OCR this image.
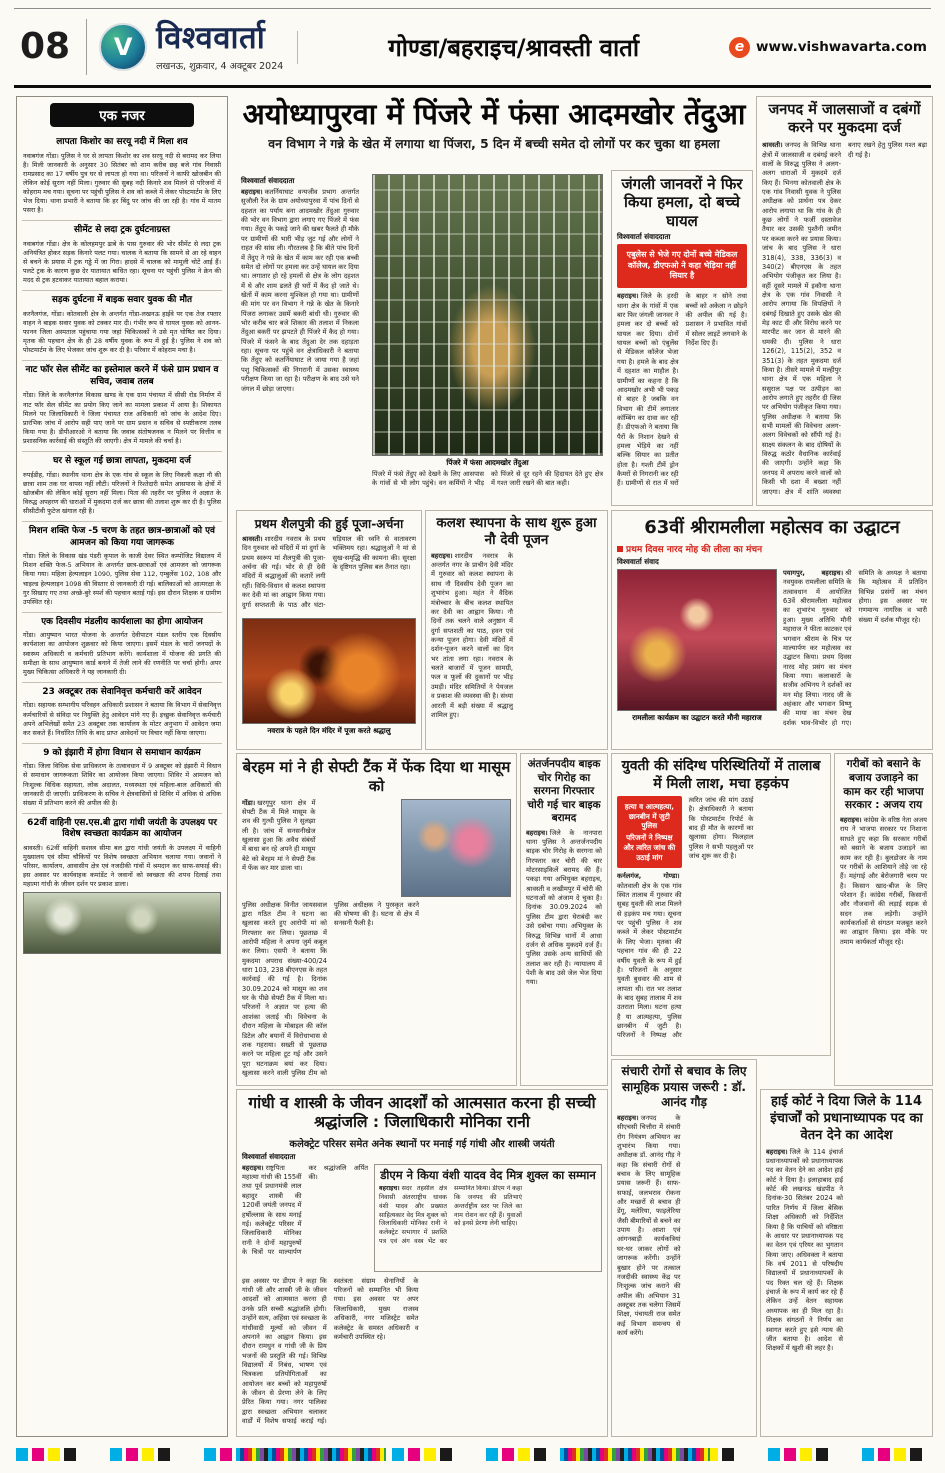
08	V विश्ववार्ता
लखनऊ, शुक्रवार, 4 अक्टूबर 2024
गोण्डा/बहराइच/श्रावस्ती वार्ता	e www.vishwavarta.com
एक नजर
लापता किशोर का सरयू नदी में मिला शव

नवाबगंज गोंडा। पुलिस ने घर से लापता किशोर का शव सरयू नदी से बरामद कर लिया है। मिली जानकारी के अनुसार 30 सितंबर को शाम करीब छह बजे गांव निवासी रामप्रसाद का 17 वर्षीय पुत्र घर से लापता हो गया था। परिजनों ने काफी खोजबीन की लेकिन कोई सुराग नहीं मिला। गुरुवार की सुबह नदी किनारे शव मिलने से परिजनों में कोहराम मच गया। सूचना पर पहुंची पुलिस ने शव को कब्जे में लेकर पोस्टमार्टम के लिए भेज दिया। थाना प्रभारी ने बताया कि हर बिंदु पर जांच की जा रही है। गांव में मातम पसरा है।

सीमेंट से लदा ट्रक दुर्घटनाग्रस्त

नवाबगंज गोंडा। क्षेत्र के कोलहमपुर ढाबे के पास गुरुवार की भोर सीमेंट से लदा ट्रक अनियंत्रित होकर सड़क किनारे पलट गया। चालक ने बताया कि सामने से आ रहे वाहन से बचने के प्रयास में ट्रक गड्ढे में जा गिरा। हादसे में चालक को मामूली चोटें आई हैं। पलटे ट्रक के कारण कुछ देर यातायात बाधित रहा। सूचना पर पहुंची पुलिस ने क्रेन की मदद से ट्रक हटवाकर यातायात बहाल कराया।

सड़क दुर्घटना में बाइक सवार युवक की मौत

करनैलगंज, गोंडा। कोतवाली क्षेत्र के अन्तर्गत गोंडा-लखनऊ हाईवे पर एक तेज रफ्तार वाहन ने बाइक सवार युवक को टक्कर मार दी। गंभीर रूप से घायल युवक को आनन-फानन जिला अस्पताल पहुंचाया गया जहां चिकित्सकों ने उसे मृत घोषित कर दिया। मृतक की पहचान क्षेत्र के ही 28 वर्षीय युवक के रूप में हुई है। पुलिस ने शव को पोस्टमार्टम के लिए भेजकर जांच शुरू कर दी है। परिवार में कोहराम मचा है।

नाट फॉर सेल सीमेंट का इस्तेमाल करने में फंसे ग्राम प्रधान व सचिव, जवाब तलब

गोंडा। जिले के करनैलगंज विकास खण्ड के एक ग्राम पंचायत में सीसी रोड निर्माण में नाट फॉर सेल सीमेंट का प्रयोग किए जाने का मामला प्रकाश में आया है। शिकायत मिलने पर जिलाधिकारी ने जिला पंचायत राज अधिकारी को जांच के आदेश दिए। प्रारंभिक जांच में आरोप सही पाए जाने पर ग्राम प्रधान व सचिव से स्पष्टीकरण तलब किया गया है। डीपीआरओ ने बताया कि जवाब संतोषजनक न मिलने पर वित्तीय व प्रशासनिक कार्रवाई की संस्तुति की जाएगी। क्षेत्र में मामले की चर्चा है।

घर से स्कूल गई छात्रा लापता, मुकदमा दर्ज

रुपईडीह, गोंडा। स्थानीय थाना क्षेत्र के एक गांव से स्कूल के लिए निकली कक्षा नौ की छात्रा शाम तक घर वापस नहीं लौटी। परिजनों ने रिश्तेदारी समेत आसपास के क्षेत्रों में खोजबीन की लेकिन कोई सुराग नहीं मिला। पिता की तहरीर पर पुलिस ने अज्ञात के विरुद्ध अपहरण की धाराओं में मुकदमा दर्ज कर छात्रा की तलाश शुरू कर दी है। पुलिस सीसीटीवी फुटेज खंगाल रही है।

मिशन शक्ति फेज -5 चरण के तहत छात्र-छात्राओं को एवं आमजन को किया गया जागरूक

गोंडा। जिले के विकास खंड पंडरी कृपाल के काजी देवर स्थित कम्पोजिट विद्यालय में मिशन शक्ति फेज-5 अभियान के अन्तर्गत छात्र-छात्राओं एवं आमजन को जागरूक किया गया। महिला हेल्पलाइन 1090, पुलिस सेवा 112, एम्बुलेंस 102, 108 और चाइल्ड हेल्पलाइन 1098 की विस्तार से जानकारी दी गई। बालिकाओं को आत्मरक्षा के गुर सिखाए गए तथा अच्छे-बुरे स्पर्श की पहचान बताई गई। इस दौरान शिक्षक व ग्रामीण उपस्थित रहे।

एक दिवसीय मंडलीय कार्यशाला का होगा आयोजन

गोंडा। आयुष्मान भारत योजना के अन्तर्गत देवीपाटन मंडल स्तरीय एक दिवसीय कार्यशाला का आयोजन शुक्रवार को किया जाएगा। इसमें मंडल के चारों जनपदों के स्वास्थ्य अधिकारी व कर्मचारी प्रतिभाग करेंगे। कार्यशाला में योजना की प्रगति की समीक्षा के साथ आयुष्मान कार्ड बनाने में तेजी लाने की रणनीति पर चर्चा होगी। अपर मुख्य चिकित्सा अधिकारी ने यह जानकारी दी।

23 अक्टूबर तक सेवानिवृत्त कर्मचारी करें आवेदन

गोंडा। सहायक सम्भागीय परिवहन अधिकारी प्रशासन ने बताया कि विभाग में सेवानिवृत्त कर्मचारियों से संविदा पर नियुक्ति हेतु आवेदन मांगे गए हैं। इच्छुक सेवानिवृत्त कर्मचारी अपने अभिलेखों समेत 23 अक्टूबर तक कार्यालय के मोटर अनुभाग में आवेदन जमा कर सकते हैं। निर्धारित तिथि के बाद प्राप्त आवेदनों पर विचार नहीं किया जाएगा।

9 को इंझारी में होगा विधान से समाधान कार्यक्रम

गोंडा। जिला विधिक सेवा प्राधिकरण के तत्वावधान में 9 अक्टूबर को इंझारी में विधान से समाधान जागरूकता शिविर का आयोजन किया जाएगा। शिविर में आमजन को निःशुल्क विधिक सहायता, लोक अदालत, मध्यस्थता एवं महिला-बाल अधिकारों की जानकारी दी जाएगी। प्राधिकरण के सचिव ने क्षेत्रवासियों से शिविर में अधिक से अधिक संख्या में प्रतिभाग करने की अपील की है।

62वीं वाहिनी एस.एस.बी द्वारा गांधी जयंती के उपलक्ष्य पर विशेष स्वच्छता कार्यक्रम का आयोजन

श्रावस्ती। 62वीं वाहिनी सशस्त्र सीमा बल द्वारा गांधी जयंती के उपलक्ष्य में वाहिनी मुख्यालय एवं सीमा चौकियों पर विशेष स्वच्छता अभियान चलाया गया। जवानों ने परिसर, कार्यालय, आवासीय क्षेत्र एवं नजदीकी गांवों में श्रमदान कर साफ-सफाई की। इस अवसर पर कार्यवाहक कमांडेंट ने जवानों को स्वच्छता की शपथ दिलाई तथा महात्मा गांधी के जीवन दर्शन पर प्रकाश डाला।

अयोध्यापुरवा में पिंजरे में फंसा आदमखोर तेंदुआ
वन विभाग ने गन्ने के खेत में लगाया था पिंजरा, 5 दिन में बच्ची समेत दो लोगों पर कर चुका था हमला
विश्ववार्ता संवाददाता

बहराइच। कतर्नियाघाट वन्यजीव प्रभाग अन्तर्गत सुजौली रेंज के ग्राम अयोध्यापुरवा में पांच दिनों से दहशत का पर्याय बना आदमखोर तेंदुआ गुरुवार की भोर वन विभाग द्वारा लगाए गए पिंजरे में फंस गया। तेंदुए के पकड़े जाने की खबर फैलते ही मौके पर ग्रामीणों की भारी भीड़ जुट गई और लोगों ने राहत की सांस ली। गौरतलब है कि बीते पांच दिनों में तेंदुए ने गन्ने के खेत में काम कर रही एक बच्ची समेत दो लोगों पर हमला कर उन्हें घायल कर दिया था। लगातार हो रहे हमलों से क्षेत्र के लोग दहशत में थे और शाम ढलते ही घरों में कैद हो जाते थे। खेतों में काम करना मुश्किल हो गया था। ग्रामीणों की मांग पर वन विभाग ने गन्ने के खेत के किनारे पिंजरा लगाकर उसमें बकरी बांधी थी। गुरुवार की भोर करीब चार बजे शिकार की तलाश में निकला तेंदुआ बकरी पर झपटते ही पिंजरे में कैद हो गया। पिंजरे में फंसने के बाद तेंदुआ देर तक दहाड़ता रहा। सूचना पर पहुंचे वन क्षेत्राधिकारी ने बताया कि तेंदुए को कतर्नियाघाट ले जाया गया है जहां पशु चिकित्सकों की निगरानी में उसका स्वास्थ्य परीक्षण किया जा रहा है। परीक्षण के बाद उसे घने जंगल में छोड़ा जाएगा।

पिंजरे में फंसा आदमखोर तेंदुआ

पिंजरे में फंसे तेंदुए को देखने के लिए आसपास के गांवों से भी लोग पहुंचे। वन कर्मियों ने भीड़ को पिंजरे से दूर रहने की हिदायत देते हुए क्षेत्र में गश्त जारी रखने की बात कही।

जंगली जानवरों ने फिर किया हमला, दो बच्चे घायल
विश्ववार्ता संवाददाता
एबुलेस से भेजे गए दोनों बच्चे मेडिकल कॉलेज, डीएफओ ने कहा भेड़िया नहीं सियार है

बहराइच। जिले के हरदी थाना क्षेत्र के गांवों में एक बार फिर जंगली जानवर ने हमला कर दो बच्चों को घायल कर दिया। दोनों घायल बच्चों को एंबुलेंस से मेडिकल कॉलेज भेजा गया है। हमले के बाद क्षेत्र में दहशत का माहौल है। ग्रामीणों का कहना है कि आदमखोर अभी भी पकड़ से बाहर है जबकि वन विभाग की टीमें लगातार कॉम्बिंग का दावा कर रही हैं। डीएफओ ने बताया कि पैरों के निशान देखने से हमला भेड़िये का नहीं बल्कि सियार का प्रतीत होता है। गश्ती टीमें ड्रोन कैमरों से निगरानी कर रही हैं। ग्रामीणों से रात में घरों के बाहर न सोने तथा बच्चों को अकेला न छोड़ने की अपील की गई है। प्रशासन ने प्रभावित गांवों में सोलर लाइटें लगवाने के निर्देश दिए हैं।

जनपद में जालसाजों व दबंगों करने पर मुकदमा दर्ज

श्रावस्ती। जनपद के विभिन्न थाना क्षेत्रों में जालसाजी व दबंगई करने वालों के विरुद्ध पुलिस ने अलग-अलग धाराओं में मुकदमे दर्ज किए हैं। भिनगा कोतवाली क्षेत्र के एक गांव निवासी युवक ने पुलिस अधीक्षक को प्रार्थना पत्र देकर आरोप लगाया था कि गांव के ही कुछ लोगों ने फर्जी दस्तावेज तैयार कर उसकी पुश्तैनी जमीन पर कब्जा करने का प्रयास किया। जांच के बाद पुलिस ने धारा 318(4), 338, 336(3) व 340(2) बीएनएस के तहत अभियोग पंजीकृत कर लिया है। वहीं दूसरे मामले में इकौना थाना क्षेत्र के एक गांव निवासी ने आरोप लगाया कि विपक्षियों ने दबंगई दिखाते हुए उसके खेत की मेड़ काट दी और विरोध करने पर मारपीट कर जान से मारने की धमकी दी। पुलिस ने धारा 126(2), 115(2), 352 व 351(3) के तहत मुकदमा दर्ज किया है। तीसरे मामले में मल्हीपुर थाना क्षेत्र में एक महिला ने ससुराल पक्ष पर उत्पीड़न का आरोप लगाते हुए तहरीर दी जिस पर अभियोग पंजीकृत किया गया। पुलिस अधीक्षक ने बताया कि सभी मामलों की विवेचना अलग-अलग विवेचकों को सौंपी गई है। साक्ष्य संकलन के बाद दोषियों के विरुद्ध कठोर वैधानिक कार्रवाई की जाएगी। उन्होंने कहा कि जनपद में अपराध करने वालों को किसी भी दशा में बख्शा नहीं जाएगा। क्षेत्र में शांति व्यवस्था बनाए रखने हेतु पुलिस गश्त बढ़ा दी गई है।

प्रथम शैलपुत्री की हुई पूजा-अर्चना

श्रावस्ती। शारदीय नवरात्र के प्रथम दिन गुरुवार को मंदिरों में मां दुर्गा के प्रथम स्वरूप मां शैलपुत्री की पूजा-अर्चना की गई। भोर से ही देवी मंदिरों में श्रद्धालुओं की कतारें लगी रहीं। विधि-विधान से कलश स्थापना कर देवी मां का आह्वान किया गया। दुर्गा सप्तशती के पाठ और घंटा-घड़ियाल की ध्वनि से वातावरण भक्तिमय रहा। श्रद्धालुओं ने मां से सुख-समृद्धि की कामना की। सुरक्षा के दृष्टिगत पुलिस बल तैनात रहा।

नवरात्र के पहले दिन मंदिर में पूजा करते श्रद्धालु
कलश स्थापना के साथ शुरू हुआ नौ देवी पूजन

बहराइच। शारदीय नवरात्र के अन्तर्गत नगर के प्राचीन देवी मंदिर में गुरुवार को कलश स्थापना के साथ नौ दिवसीय देवी पूजन का शुभारंभ हुआ। महंत ने वैदिक मंत्रोच्चार के बीच कलश स्थापित कर देवी का आह्वान किया। नौ दिनों तक चलने वाले अनुष्ठान में दुर्गा सप्तशती का पाठ, हवन एवं कन्या पूजन होगा। देवी मंदिरों में दर्शन-पूजन करने वालों का दिन भर तांता लगा रहा। नवरात्र के चलते बाजारों में पूजन सामग्री, फल व फूलों की दुकानों पर भीड़ उमड़ी। मंदिर समितियों ने पेयजल व प्रकाश की व्यवस्था की है। संध्या आरती में बड़ी संख्या में श्रद्धालु शामिल हुए।

63वीं श्रीरामलीला महोत्सव का उद्घाटन
प्रथम दिवस नारद मोह की लीला का मंचन
विश्ववार्ता संवाद
रामलीला कार्यक्रम का उद्घाटन करते मौनी महाराज

पयागपुर, बहराइच। श्री नवयुवक रामलीला समिति के तत्वावधान में आयोजित 63वें श्रीरामलीला महोत्सव का शुभारंभ गुरुवार को हुआ। मुख्य अतिथि मौनी महाराज ने फीता काटकर एवं भगवान श्रीराम के चित्र पर माल्यार्पण कर महोत्सव का उद्घाटन किया। प्रथम दिवस नारद मोह प्रसंग का मंचन किया गया। कलाकारों के सजीव अभिनय ने दर्शकों का मन मोह लिया। नारद जी के अहंकार और भगवान विष्णु की माया का मंचन देख दर्शक भाव-विभोर हो गए। समिति के अध्यक्ष ने बताया कि महोत्सव में प्रतिदिन विभिन्न प्रसंगों का मंचन होगा। इस अवसर पर गणमान्य नागरिक व भारी संख्या में दर्शक मौजूद रहे।

बेरहम मां ने ही सेफ्टी टैंक में फेंक दिया था मासूम को

गोंडा। खरगूपुर थाना क्षेत्र में सेफ्टी टैंक में मिले मासूम के शव की गुत्थी पुलिस ने सुलझा ली है। जांच में सनसनीखेज खुलासा हुआ कि अवैध संबंधों में बाधा बन रहे अपने ही मासूम बेटे को बेरहम मां ने सेफ्टी टैंक में फेंक कर मार डाला था।

पुलिस अधीक्षक विनीत जायसवाल द्वारा गठित टीम ने घटना का खुलासा करते हुए आरोपी मां को गिरफ्तार कर लिया। पूछताछ में आरोपी महिला ने अपना जुर्म कबूल कर लिया। एसपी ने बताया कि मुकदमा अपराध संख्या-400/24 धारा 103, 238 बीएनएस के तहत कार्रवाई की गई है। दिनांक 30.09.2024 को मासूम का शव घर के पीछे सेफ्टी टैंक में मिला था। परिजनों ने अज्ञात पर हत्या की आशंका जताई थी। विवेचना के दौरान महिला के मोबाइल की कॉल डिटेल और बयानों में विरोधाभास से शक गहराया। सख्ती से पूछताछ करने पर महिला टूट गई और उसने पूरा घटनाक्रम बयां कर दिया। खुलासा करने वाली पुलिस टीम को पुलिस अधीक्षक ने पुरस्कृत करने की घोषणा की है। घटना से क्षेत्र में सनसनी फैली है।

अंतर्जनपदीय बाइक चोर गिरोह का सरगना गिरफ्तार चोरी गई चार बाइक बरामद

बहराइच। जिले के नानपारा थाना पुलिस ने अन्तर्जनपदीय बाइक चोर गिरोह के सरगना को गिरफ्तार कर चोरी की चार मोटरसाइकिलें बरामद की हैं। पकड़ा गया अभियुक्त बहराइच, श्रावस्ती व लखीमपुर में चोरी की घटनाओं को अंजाम दे चुका है। दिनांक 30.09.2024 को पुलिस टीम द्वारा घेराबंदी कर उसे दबोचा गया। अभियुक्त के विरुद्ध विभिन्न थानों में आधा दर्जन से अधिक मुकदमे दर्ज हैं। पुलिस उसके अन्य साथियों की तलाश कर रही है। न्यायालय में पेशी के बाद उसे जेल भेज दिया गया।

युवती की संदिग्ध परिस्थितियों में तालाब में मिली लाश, मचा हड़कंप
हत्या व आत्महत्या, छानबीन में जुटी पुलिस
परिजनों ने निष्पक्ष और त्वरित जांच की उठाई मांग
कर्नलगंज, गोण्डा।कोतवाली क्षेत्र के एक गांव स्थित तालाब में गुरुवार की सुबह युवती की लाश मिलने से हड़कंप मच गया। सूचना पर पहुंची पुलिस ने शव कब्जे में लेकर पोस्टमार्टम के लिए भेजा। मृतका की पहचान गांव की ही 22 वर्षीय युवती के रूप में हुई है। परिजनों के अनुसार युवती बुधवार की शाम से लापता थी। रात भर तलाश के बाद सुबह तालाब में शव उतराता मिला। घटना हत्या है या आत्महत्या, पुलिस छानबीन में जुटी है। परिजनों ने निष्पक्ष और त्वरित जांच की मांग उठाई है। क्षेत्राधिकारी ने बताया कि पोस्टमार्टम रिपोर्ट के बाद ही मौत के कारणों का खुलासा होगा। फिलहाल पुलिस ने सभी पहलुओं पर जांच शुरू कर दी है।
गरीबों को बसाने के बजाय उजाड़ने का काम कर रही भाजपा सरकार : अजय राय

बहराइच। कांग्रेस के वरिष्ठ नेता अजय राय ने भाजपा सरकार पर निशाना साधते हुए कहा कि सरकार गरीबों को बसाने के बजाय उजाड़ने का काम कर रही है। बुलडोजर के नाम पर गरीबों के आशियाने तोड़े जा रहे हैं। महंगाई और बेरोजगारी चरम पर है। किसान खाद-बीज के लिए परेशान हैं। कांग्रेस गरीबों, किसानों और नौजवानों की लड़ाई सड़क से सदन तक लड़ेगी। उन्होंने कार्यकर्ताओं से संगठन मजबूत करने का आह्वान किया। इस मौके पर तमाम कार्यकर्ता मौजूद रहे।

गांधी व शास्त्री के जीवन आदर्शों को आत्मसात करना ही सच्ची श्रद्धांजलि : जिलाधिकारी मोनिका रानी
कलेक्ट्रेट परिसर समेत अनेक स्थानों पर मनाई गई गांधी और शास्त्री जयंती
विश्ववार्ता संवाददाता

बहराइच। राष्ट्रपिता महात्मा गांधी की 155वीं तथा पूर्व प्रधानमंत्री लाल बहादुर शास्त्री की 120वीं जयंती जनपद में हर्षोल्लास के साथ मनाई गई। कलेक्ट्रेट परिसर में जिलाधिकारी मोनिका रानी ने दोनों महापुरुषों के चित्रों पर माल्यार्पण कर श्रद्धांजलि अर्पित की।	डीएम ने किया वंशी यादव वेद मित्र शुक्ल का सम्मान

बहराइच। सदर तहसील क्षेत्र निवासी अंतरराष्ट्रीय धावक वंशी यादव और प्रख्यात साहित्यकार वेद मित्र शुक्ल को जिलाधिकारी मोनिका रानी ने कलेक्ट्रेट सभागार में प्रशस्ति पत्र एवं अंग वस्त्र भेंट कर सम्मानित किया। डीएम ने कहा कि जनपद की प्रतिभाएं अन्तर्राष्ट्रीय स्तर पर जिले का नाम रोशन कर रही हैं। युवाओं को इनसे प्रेरणा लेनी चाहिए।

इस अवसर पर डीएम ने कहा कि गांधी जी और शास्त्री जी के जीवन आदर्शों को आत्मसात करना ही उनके प्रति सच्ची श्रद्धांजलि होगी। उन्होंने सत्य, अहिंसा एवं स्वच्छता के गांधीवादी मूल्यों को जीवन में अपनाने का आह्वान किया। इस दौरान रामधुन व गांधी जी के प्रिय भजनों की प्रस्तुति की गई। विभिन्न विद्यालयों में निबंध, भाषण एवं चित्रकला प्रतियोगिताओं का आयोजन कर बच्चों को महापुरुषों के जीवन से प्रेरणा लेने के लिए प्रेरित किया गया। नगर पालिका द्वारा स्वच्छता अभियान चलाकर वार्डों में विशेष सफाई कराई गई। स्वतंत्रता संग्राम सेनानियों के परिजनों को सम्मानित भी किया गया। इस अवसर पर अपर जिलाधिकारी, मुख्य राजस्व अधिकारी, नगर मजिस्ट्रेट समेत कलेक्ट्रेट के समस्त अधिकारी व कर्मचारी उपस्थित रहे।

संचारी रोगों से बचाव के लिए सामूहिक प्रयास जरूरी : डॉ. आनंद गौड़

बहराइच। जनपद के सीएचसी चित्तौरा में संचारी रोग नियंत्रण अभियान का शुभारंभ किया गया। अधीक्षक डॉ. आनंद गौड़ ने कहा कि संचारी रोगों से बचाव के लिए सामूहिक प्रयास जरूरी हैं। साफ-सफाई, जलभराव रोकना और मच्छरों से बचाव ही डेंगू, मलेरिया, फाइलेरिया जैसी बीमारियों से बचने का उपाय है। आशा एवं आंगनबाड़ी कार्यकत्रियां घर-घर जाकर लोगों को जागरूक करेंगी। उन्होंने बुखार होने पर तत्काल नजदीकी स्वास्थ्य केंद्र पर निःशुल्क जांच कराने की अपील की। अभियान 31 अक्टूबर तक चलेगा जिसमें शिक्षा, पंचायती राज समेत कई विभाग समन्वय से कार्य करेंगे।

हाई कोर्ट ने दिया जिले के 114 इंचार्जों को प्रधानाध्यापक पद का वेतन देने का आदेश

बहराइच। जिले के 114 इंचार्ज प्रधानाध्यापकों को प्रधानाध्यापक पद का वेतन देने का आदेश हाई कोर्ट ने दिया है। इलाहाबाद हाई कोर्ट की लखनऊ खंडपीठ ने दिनांक-30 सितंबर 2024 को पारित निर्णय में जिला बेसिक शिक्षा अधिकारी को निर्देशित किया है कि याचियों को वरिष्ठता के आधार पर प्रधानाध्यापक पद का वेतन एवं एरियर का भुगतान किया जाए। अधिवक्ता ने बताया कि वर्ष 2011 से परिषदीय विद्यालयों में प्रधानाध्यापकों के पद रिक्त चल रहे हैं। शिक्षक इंचार्ज के रूप में कार्य कर रहे हैं लेकिन उन्हें वेतन सहायक अध्यापक का ही मिल रहा है। शिक्षक संगठनों ने निर्णय का स्वागत करते हुए इसे न्याय की जीत बताया है। आदेश से शिक्षकों में खुशी की लहर है।
